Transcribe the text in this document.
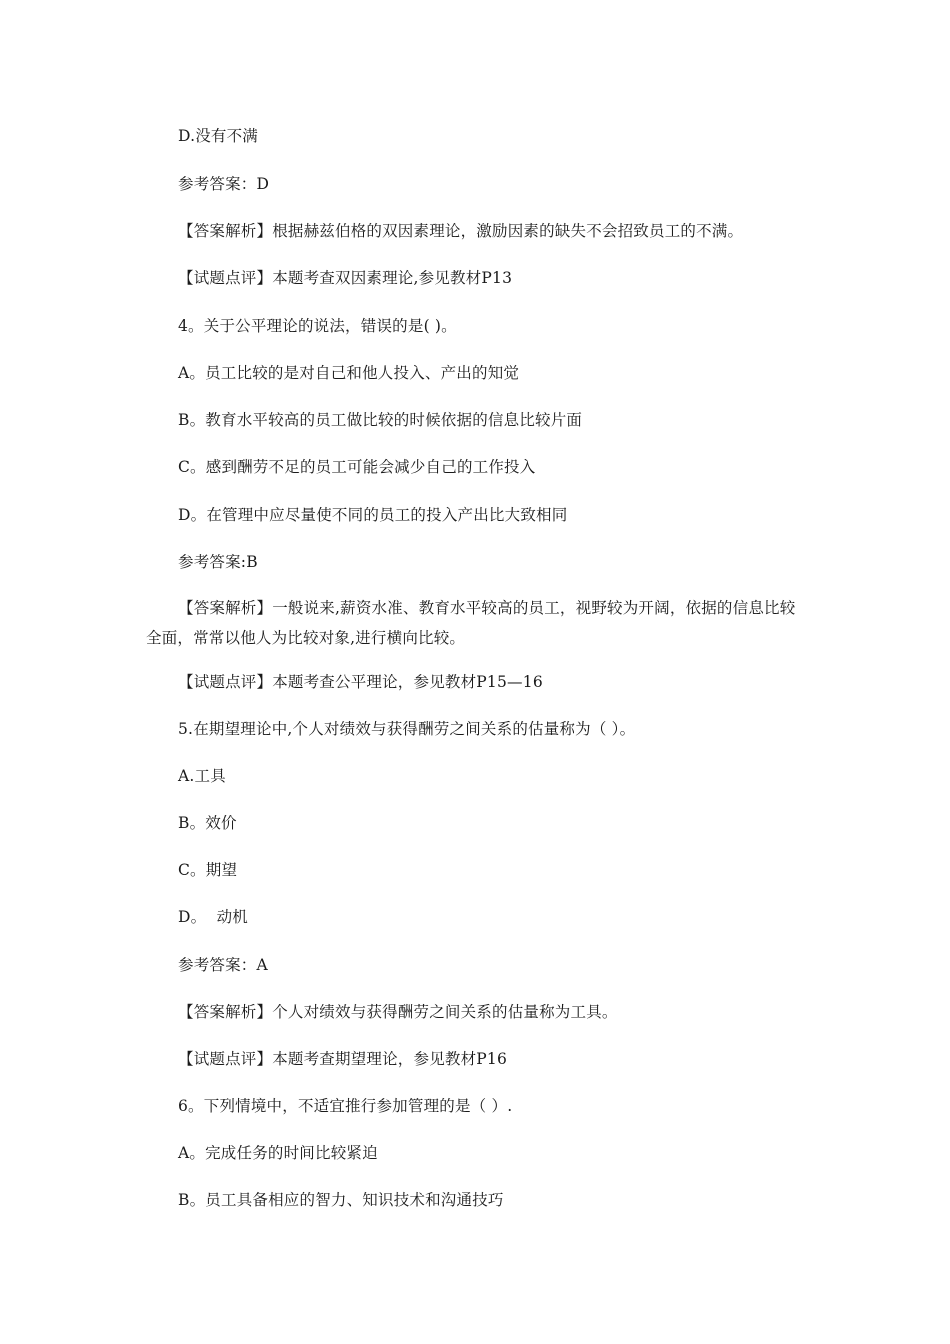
D.没有不满
参考答案：D
【答案解析】根据赫兹伯格的双因素理论，激励因素的缺失不会招致员工的不满。
【试题点评】本题考查双因素理论,参见教材P13
4。关于公平理论的说法，错误的是( )。
A。员工比较的是对自己和他人投入、产出的知觉
B。教育水平较高的员工做比较的时候依据的信息比较片面
C。感到酬劳不足的员工可能会减少自己的工作投入
D。在管理中应尽量使不同的员工的投入产出比大致相同
参考答案:B
【答案解析】一般说来,薪资水准、教育水平较高的员工，视野较为开阔，依据的信息比较全面，常常以他人为比较对象,进行横向比较。
【试题点评】本题考查公平理论，参见教材P15—16
5.在期望理论中,个人对绩效与获得酬劳之间关系的估量称为（ ）。
A.工具
B。效价
C。期望
D。  动机
参考答案：A
【答案解析】个人对绩效与获得酬劳之间关系的估量称为工具。
【试题点评】本题考查期望理论，参见教材P16
6。下列情境中，不适宜推行参加管理的是（ ）.
A。完成任务的时间比较紧迫
B。员工具备相应的智力、知识技术和沟通技巧
